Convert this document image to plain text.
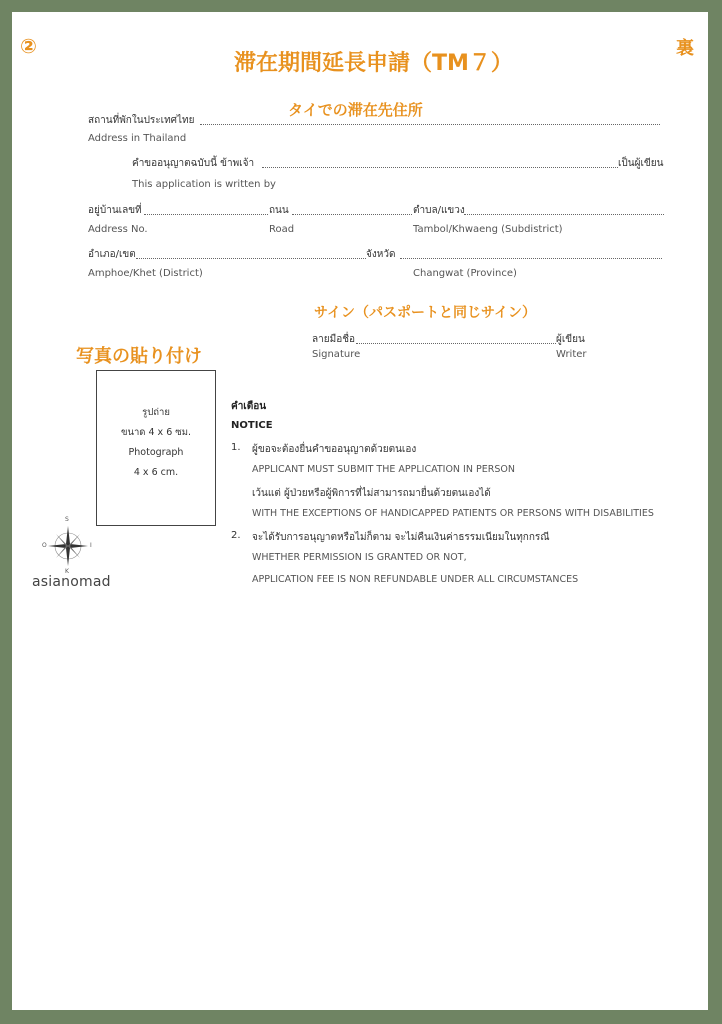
②
滞在期間延長申請（TM７）
裏
タイでの滞在先住所
สถานที่พักในประเทศไทย
Address in Thailand
คำขออนุญาตฉบับนี้ ข้าพเจ้า	เป็นผู้เขียน
This application is written by
อยู่บ้านเลขที่	ถนน	ตำบล/แขวง
Address No.	Road	Tambol/Khwaeng (Subdistrict)
อำเภอ/เขต	จังหวัด
Amphoe/Khet (District)	Changwat (Province)
サイン（パスポートと同じサイン）
ลายมือชื่อ	ผู้เขียน
Signature	Writer
写真の貼り付け
รูปถ่าย
ขนาด 4 x 6 ซม.
Photograph
4 x 6 cm.
คำเตือน
NOTICE
1. ผู้ขอจะต้องยื่นคำขออนุญาตด้วยตนเอง
APPLICANT MUST SUBMIT THE APPLICATION IN PERSON
เว้นแต่ ผู้ป่วยหรือผู้พิการที่ไม่สามารถมายื่นด้วยตนเองได้
WITH THE EXCEPTIONS OF HANDICAPPED PATIENTS OR PERSONS WITH DISABILITIES
2. จะได้รับการอนุญาตหรือไม่ก็ตาม จะไม่คืนเงินค่าธรรมเนียมในทุกกรณี
WHETHER PERMISSION IS GRANTED OR NOT,
APPLICATION FEE IS NON REFUNDABLE UNDER ALL CIRCUMSTANCES
S
K
O	I
asianomad
